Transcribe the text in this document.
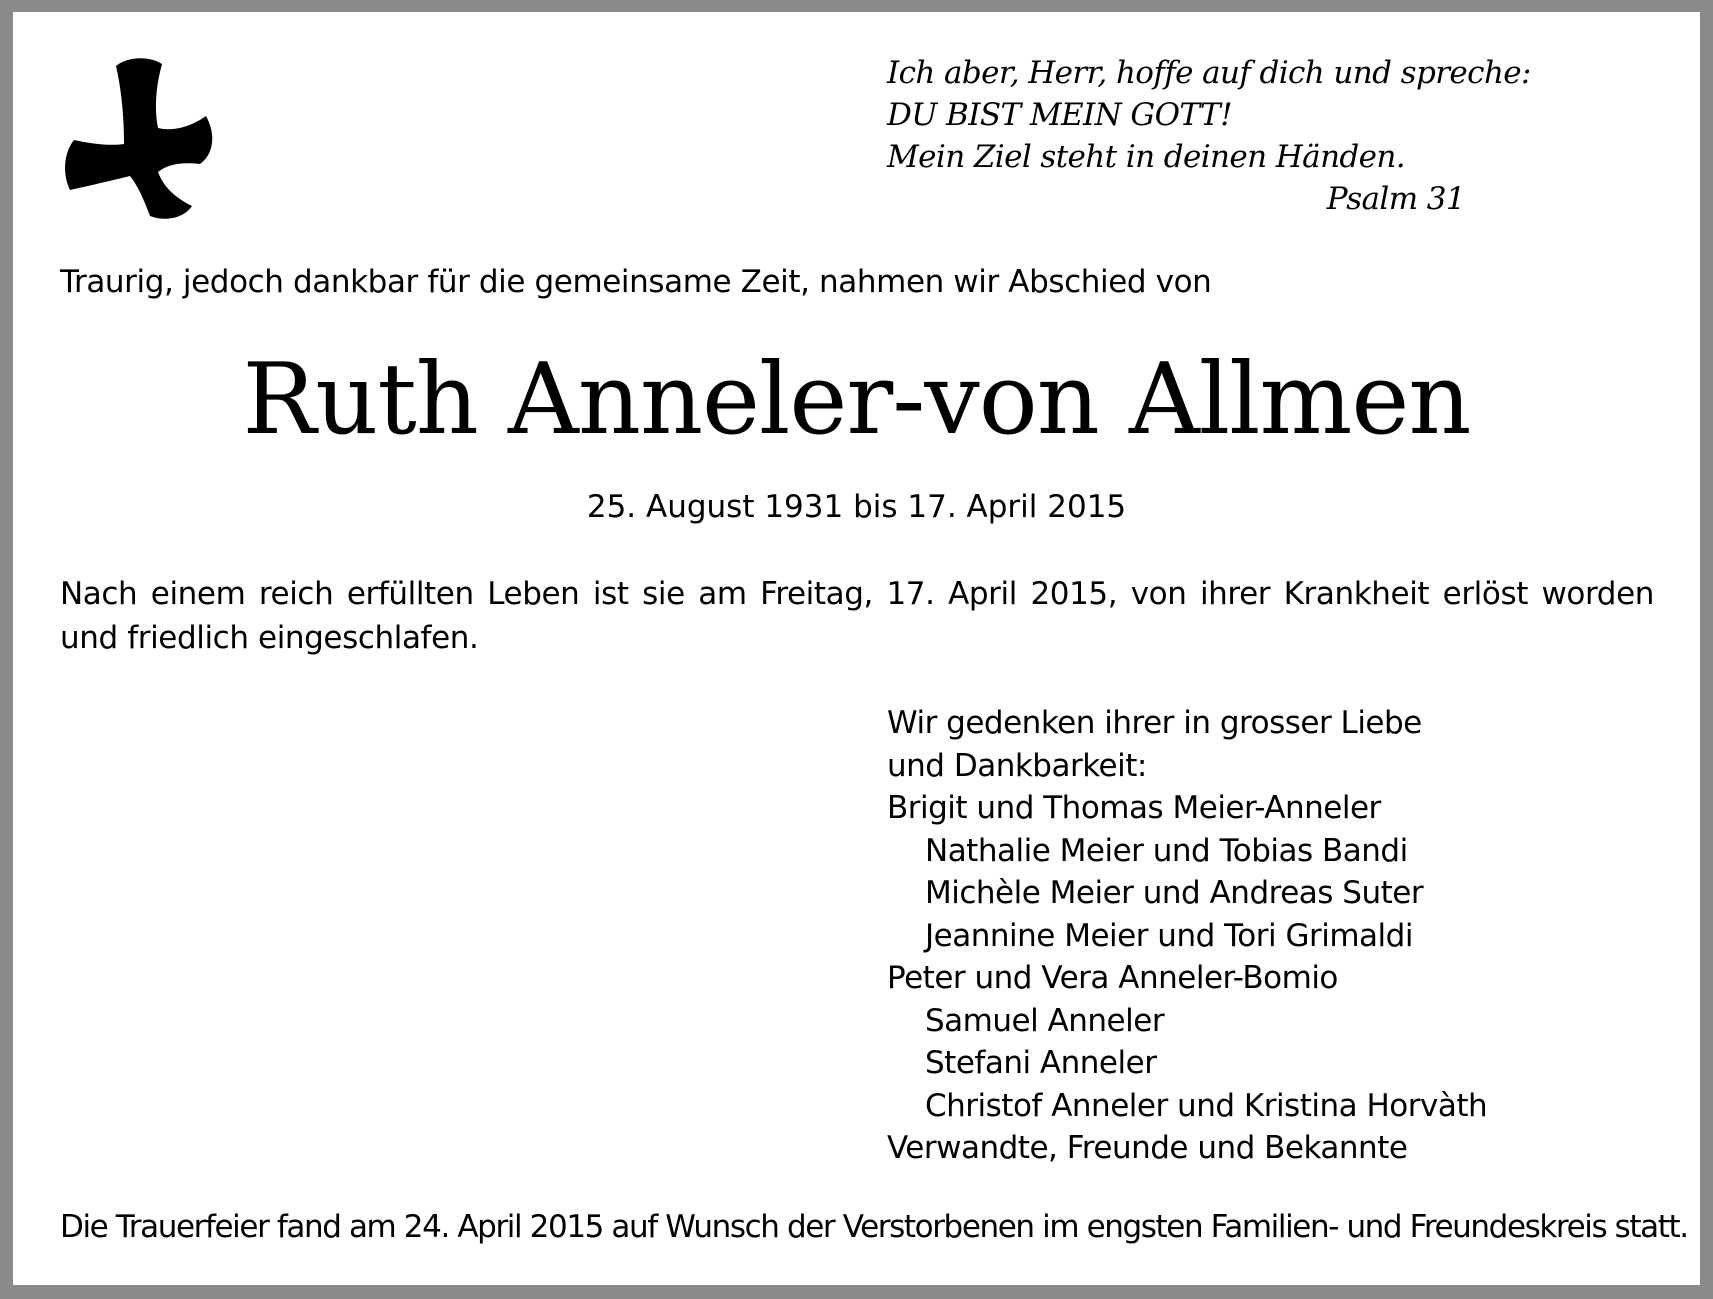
Ich aber, Herr, hoffe auf dich und spreche:
DU BIST MEIN GOTT!
Mein Ziel steht in deinen Händen.
Psalm 31
Traurig, jedoch dankbar für die gemeinsame Zeit, nahmen wir Abschied von
Ruth Anneler-von Allmen
25. August 1931 bis 17. April 2015
Nach einem reich erfüllten Leben ist sie am Freitag, 17. April 2015, von ihrer Krankheit erlöst worden und friedlich eingeschlafen.
Wir gedenken ihrer in grosser Liebe
und Dankbarkeit:
Brigit und Thomas Meier-Anneler
Nathalie Meier und Tobias Bandi
Michèle Meier und Andreas Suter
Jeannine Meier und Tori Grimaldi
Peter und Vera Anneler-Bomio
Samuel Anneler
Stefani Anneler
Christof Anneler und Kristina Horvàth
Verwandte, Freunde und Bekannte
Die Trauerfeier fand am 24. April 2015 auf Wunsch der Verstorbenen im engsten Familien- und Freundeskreis statt.
